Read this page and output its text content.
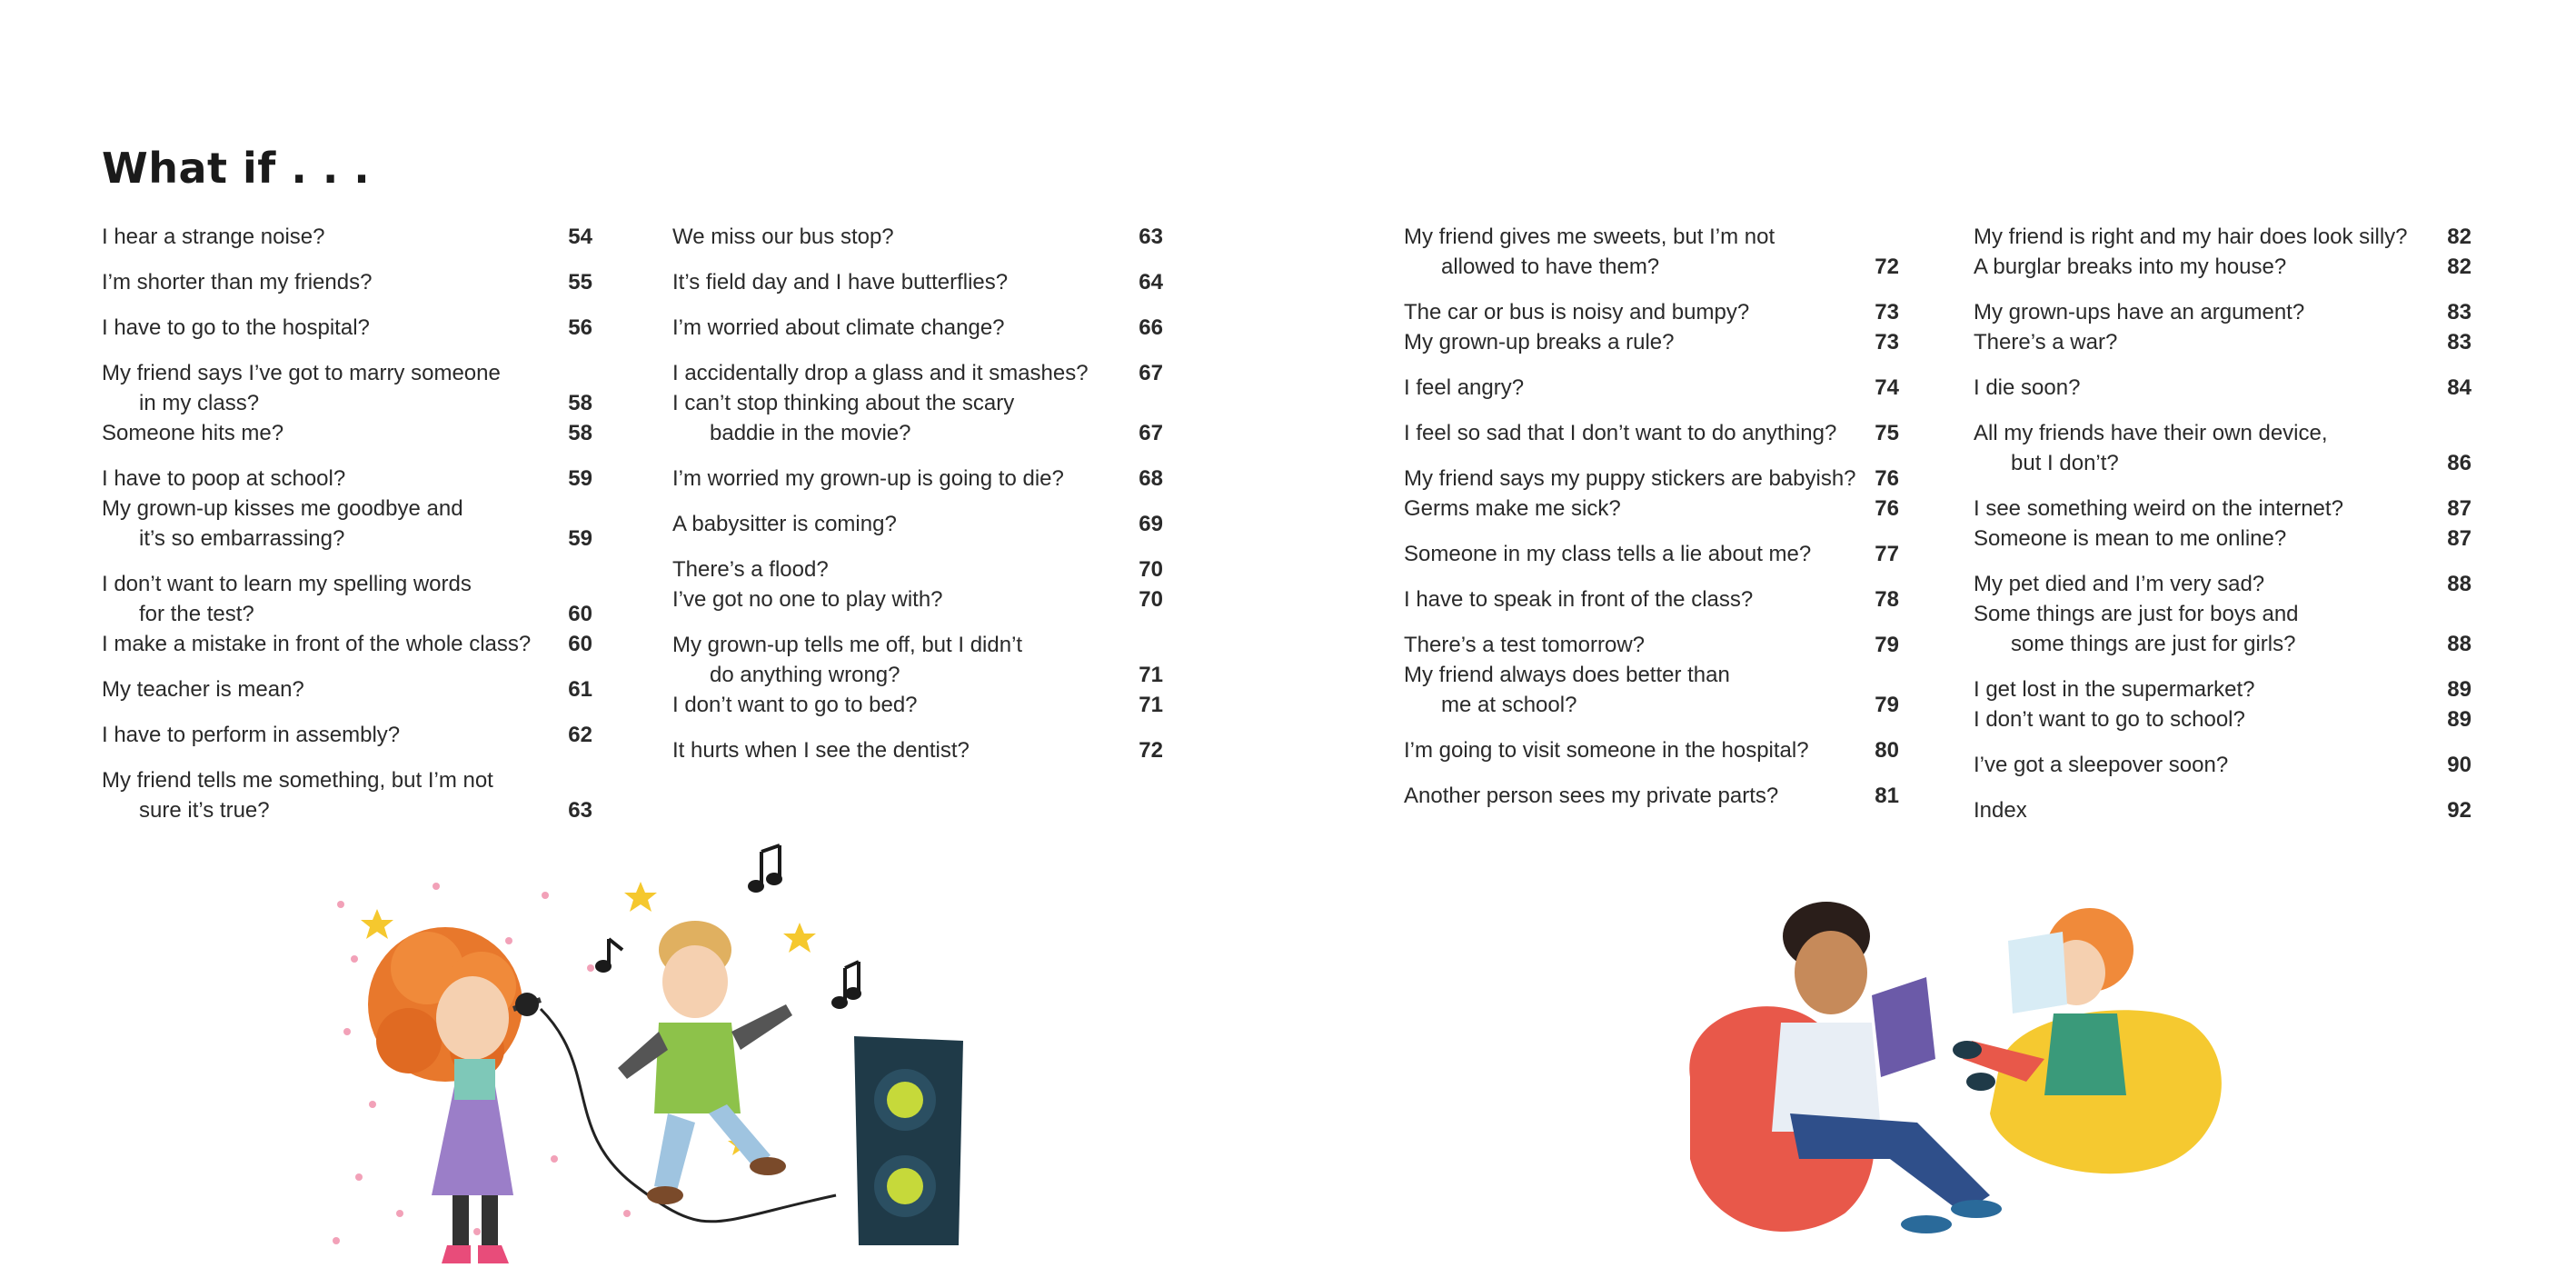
What if . . .
I hear a strange noise?	54
I’m shorter than my friends?	55
I have to go to the hospital?	56
My friend says I’ve got to marry someone
in my class?	58
Someone hits me?	58
I have to poop at school?	59
My grown-up kisses me goodbye and
it’s so embarrassing?	59
I don’t want to learn my spelling words
for the test?	60
I make a mistake in front of the whole class? 60
My teacher is mean?	61
I have to perform in assembly?	62
My friend tells me something, but I’m not
sure it’s true?	63
We miss our bus stop?	63
It’s field day and I have butterflies?	64
I’m worried about climate change?	66
I accidentally drop a glass and it smashes? 67
I can’t stop thinking about the scary
baddie in the movie?	67
I’m worried my grown-up is going to die?	68
A babysitter is coming?	69
There’s a flood?	70
I’ve got no one to play with?	70
My grown-up tells me off, but I didn’t
do anything wrong?	71
I don’t want to go to bed?	71
It hurts when I see the dentist?	72
My friend gives me sweets, but I’m not
allowed to have them?	72
The car or bus is noisy and bumpy?	73
My grown-up breaks a rule?	73
I feel angry?	74
I feel so sad that I don’t want to do anything? 75
My friend says my puppy stickers are babyish? 76
Germs make me sick?	76
Someone in my class tells a lie about me?	77
I have to speak in front of the class?	78
There’s a test tomorrow?	79
My friend always does better than
me at school?	79
I’m going to visit someone in the hospital?	80
Another person sees my private parts?	81
My friend is right and my hair does look silly? 82
A burglar breaks into my house?	82
My grown-ups have an argument?	83
There’s a war?	83
I die soon?	84
All my friends have their own device,
but I don’t?	86
I see something weird on the internet?	87
Someone is mean to me online?	87
My pet died and I’m very sad?	88
Some things are just for boys and
some things are just for girls?	88
I get lost in the supermarket?	89
I don’t want to go to school?	89
I’ve got a sleepover soon?	90
Index	92
